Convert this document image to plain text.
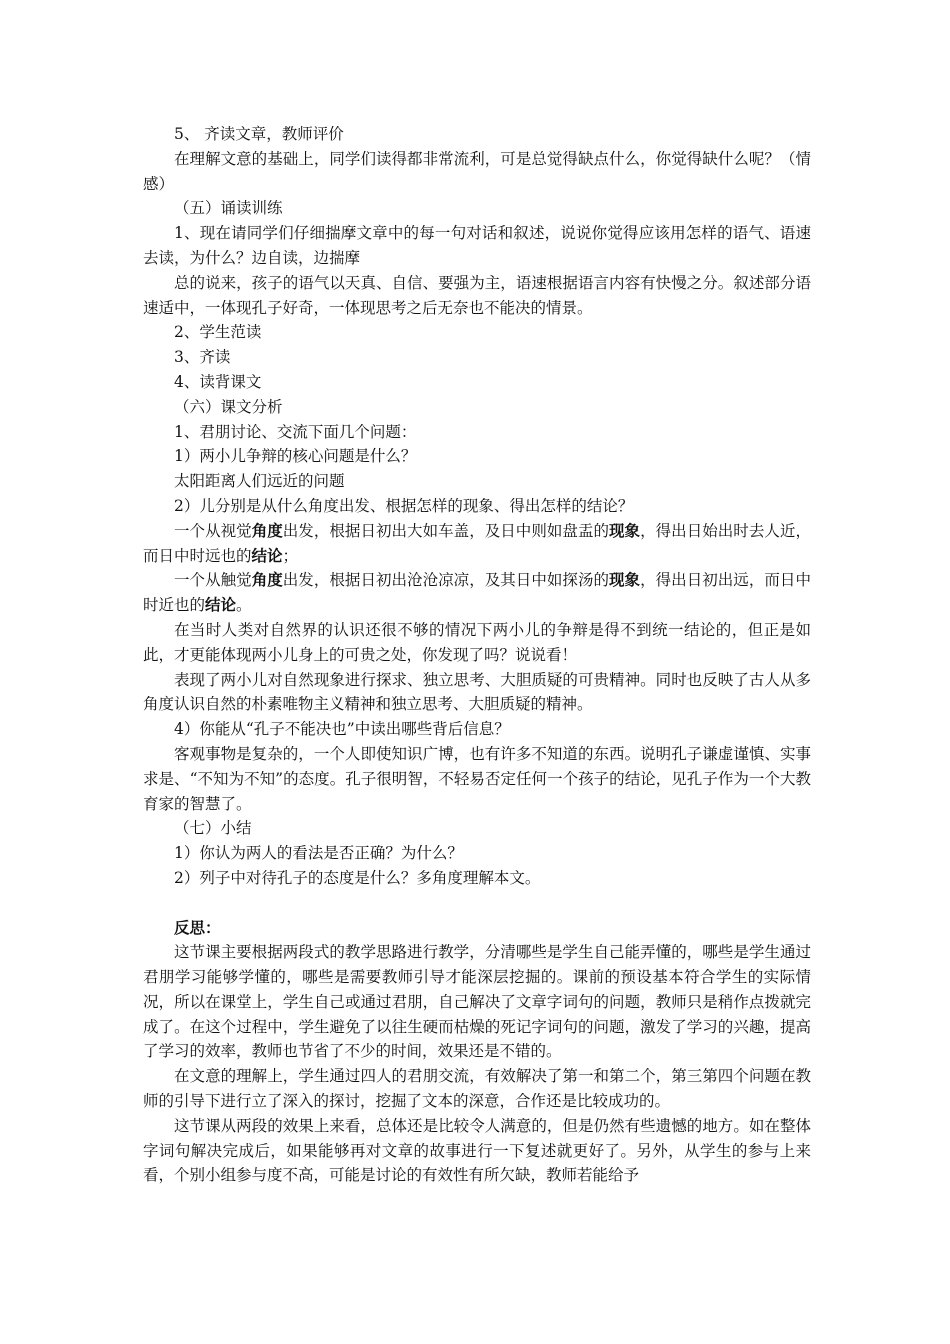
5、 齐读文章，教师评价

在理解文意的基础上，同学们读得都非常流利，可是总觉得缺点什么，你觉得缺什么呢？（情感）

（五）诵读训练

1、现在请同学们仔细揣摩文章中的每一句对话和叙述，说说你觉得应该用怎样的语气、语速去读，为什么？边自读，边揣摩

总的说来，孩子的语气以天真、自信、要强为主，语速根据语言内容有快慢之分。叙述部分语速适中，一体现孔子好奇，一体现思考之后无奈也不能决的情景。

2、学生范读

3、齐读

4、读背课文

（六）课文分析

1、君朋讨论、交流下面几个问题：

1）两小儿争辩的核心问题是什么？

太阳距离人们远近的问题

2）儿分别是从什么角度出发、根据怎样的现象、得出怎样的结论？

一个从视觉角度出发，根据日初出大如车盖，及日中则如盘盂的现象，得出日始出时去人近，而日中时远也的结论；

一个从触觉角度出发，根据日初出沧沧凉凉，及其日中如探汤的现象，得出日初出远，而日中时近也的结论。

在当时人类对自然界的认识还很不够的情况下两小儿的争辩是得不到统一结论的，但正是如此，才更能体现两小儿身上的可贵之处，你发现了吗？说说看！

表现了两小儿对自然现象进行探求、独立思考、大胆质疑的可贵精神。同时也反映了古人从多角度认识自然的朴素唯物主义精神和独立思考、大胆质疑的精神。

4）你能从“孔子不能决也”中读出哪些背后信息？

客观事物是复杂的，一个人即使知识广博，也有许多不知道的东西。说明孔子谦虚谨慎、实事求是、“不知为不知”的态度。孔子很明智，不轻易否定任何一个孩子的结论，见孔子作为一个大教育家的智慧了。

（七）小结

1）你认为两人的看法是否正确？为什么？

2）列子中对待孔子的态度是什么？多角度理解本文。

反思：

这节课主要根据两段式的教学思路进行教学，分清哪些是学生自己能弄懂的，哪些是学生通过君朋学习能够学懂的，哪些是需要教师引导才能深层挖掘的。课前的预设基本符合学生的实际情况，所以在课堂上，学生自己或通过君朋，自己解决了文章字词句的问题，教师只是稍作点拨就完成了。在这个过程中，学生避免了以往生硬而枯燥的死记字词句的问题，激发了学习的兴趣，提高了学习的效率，教师也节省了不少的时间，效果还是不错的。

在文意的理解上，学生通过四人的君朋交流，有效解决了第一和第二个，第三第四个问题在教师的引导下进行立了深入的探讨，挖掘了文本的深意，合作还是比较成功的。

这节课从两段的效果上来看，总体还是比较令人满意的，但是仍然有些遗憾的地方。如在整体字词句解决完成后，如果能够再对文章的故事进行一下复述就更好了。另外，从学生的参与上来看，个别小组参与度不高，可能是讨论的有效性有所欠缺，教师若能给予
